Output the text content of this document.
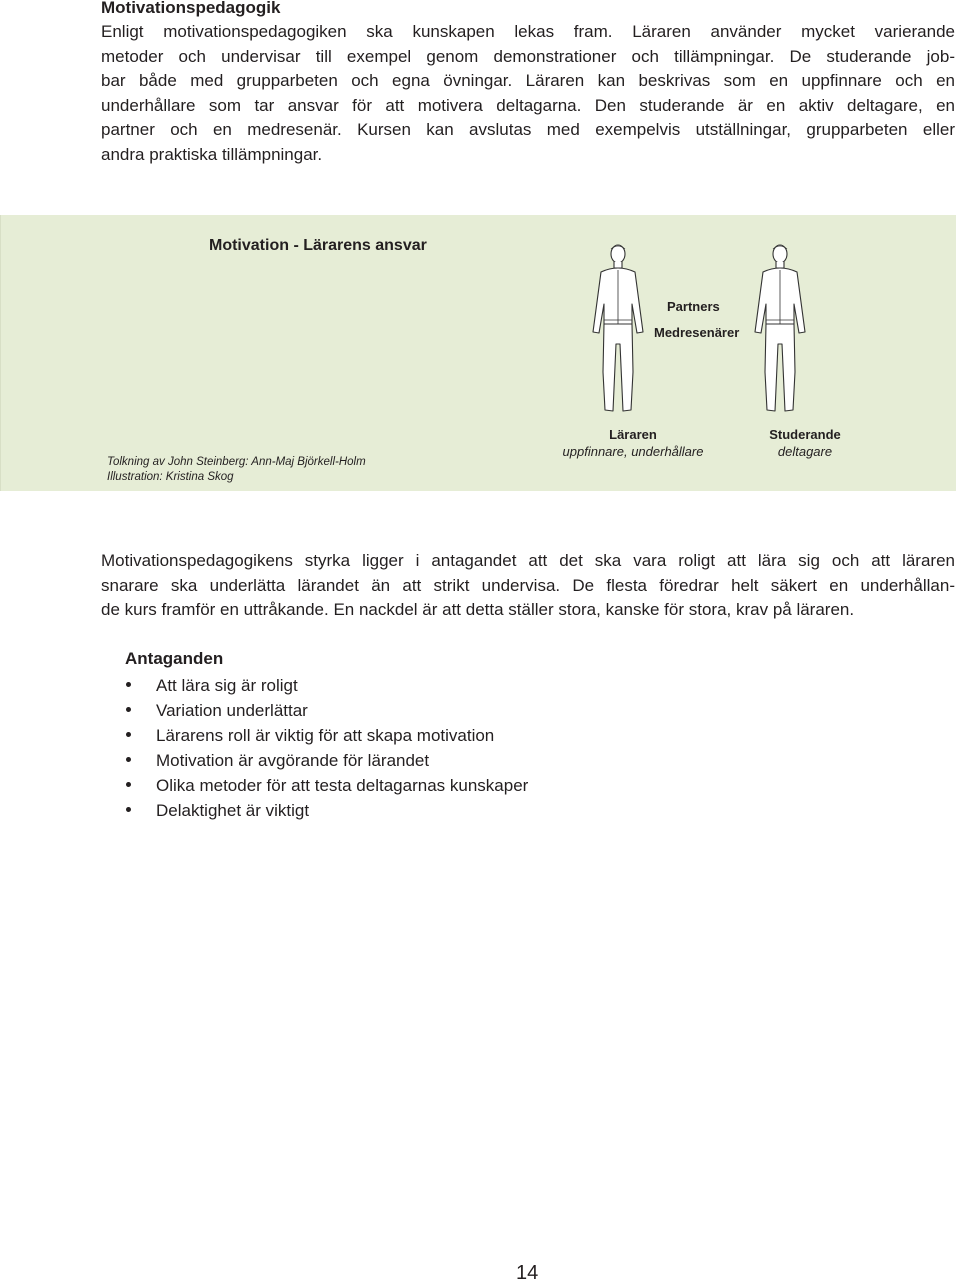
Motivationspedagogik

Enligt motivationspedagogiken ska kunskapen lekas fram. Läraren använder mycket varierande
metoder och undervisar till exempel genom demonstrationer och tillämpningar. De studerande job-
bar både med grupparbeten och egna övningar. Läraren kan beskrivas som en uppfinnare och en
underhållare som tar ansvar för att motivera deltagarna. Den studerande är en aktiv deltagare, en
partner och en medresenär. Kursen kan avslutas med exempelvis utställningar, grupparbeten eller
andra praktiska tillämpningar.

Motivation - Lärarens ansvar
Partners
Medresenärer
Läraren
uppfinnare, underhållare
Studerande
deltagare
Tolkning av John Steinberg: Ann-Maj Björkell-Holm
Illustration: Kristina Skog

Motivationspedagogikens styrka ligger i antagandet att det ska vara roligt att lära sig och att läraren
snarare ska underlätta lärandet än att strikt undervisa. De flesta föredrar helt säkert en underhållan-
de kurs framför en uttråkande. En nackdel är att detta ställer stora, kanske för stora, krav på läraren.

Antaganden
Att lära sig är roligt
Variation underlättar
Lärarens roll är viktig för att skapa motivation
Motivation är avgörande för lärandet
Olika metoder för att testa deltagarnas kunskaper
Delaktighet är viktigt
14
